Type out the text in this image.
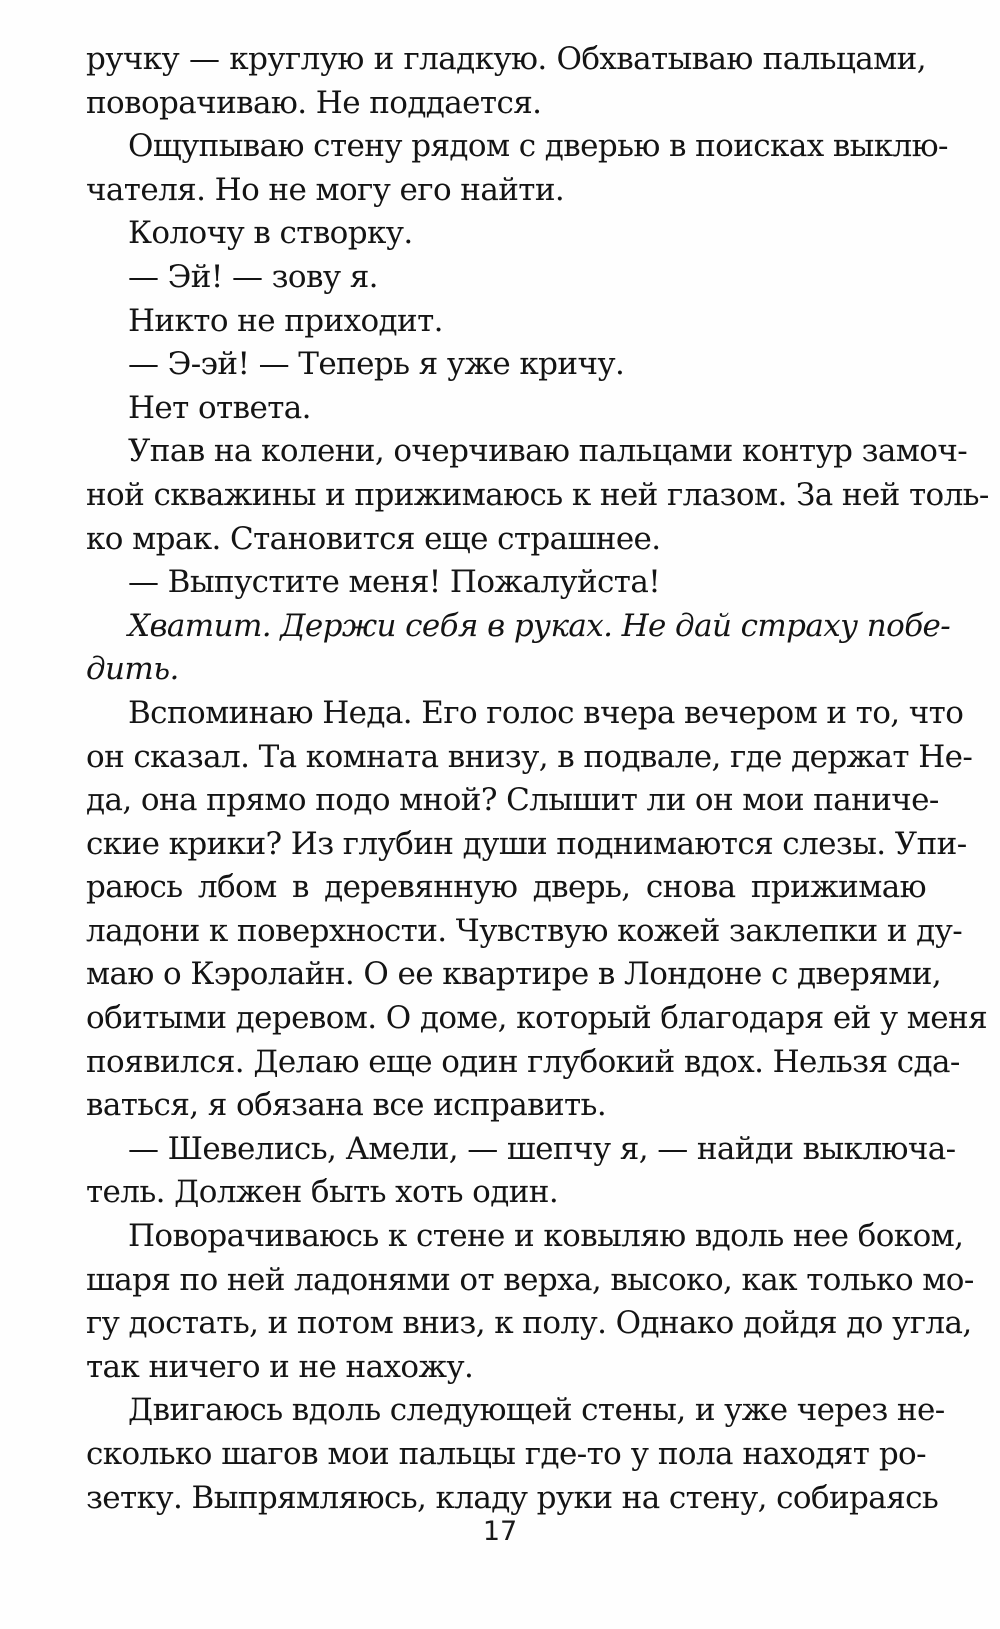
ручку — круглую и гладкую. Обхватываю пальцами,
поворачиваю. Не поддается.
Ощупываю стену рядом с дверью в поисках выклю-
чателя. Но не могу его найти.
Колочу в створку.
— Эй! — зову я.
Никто не приходит.
— Э-эй! — Теперь я уже кричу.
Нет ответа.
Упав на колени, очерчиваю пальцами контур замоч-
ной скважины и прижимаюсь к ней глазом. За ней толь-
ко мрак. Становится еще страшнее.
— Выпустите меня! Пожалуйста!
Хватит. Держи себя в руках. Не дай страху побе-
дить.
Вспоминаю Неда. Его голос вчера вечером и то, что
он сказал. Та комната внизу, в подвале, где держат Не-
да, она прямо подо мной? Слышит ли он мои паниче-
ские крики? Из глубин души поднимаются слезы. Упи-
раюсь лбом в деревянную дверь, снова прижимаю
ладони к поверхности. Чувствую кожей заклепки и ду-
маю о Кэролайн. О ее квартире в Лондоне с дверями,
обитыми деревом. О доме, который благодаря ей у меня
появился. Делаю еще один глубокий вдох. Нельзя сда-
ваться, я обязана все исправить.
— Шевелись, Амели, — шепчу я, — найди выключа-
тель. Должен быть хоть один.
Поворачиваюсь к стене и ковыляю вдоль нее боком,
шаря по ней ладонями от верха, высоко, как только мо-
гу достать, и потом вниз, к полу. Однако дойдя до угла,
так ничего и не нахожу.
Двигаюсь вдоль следующей стены, и уже через не-
сколько шагов мои пальцы где-то у пола находят ро-
зетку. Выпрямляюсь, кладу руки на стену, собираясь
17
